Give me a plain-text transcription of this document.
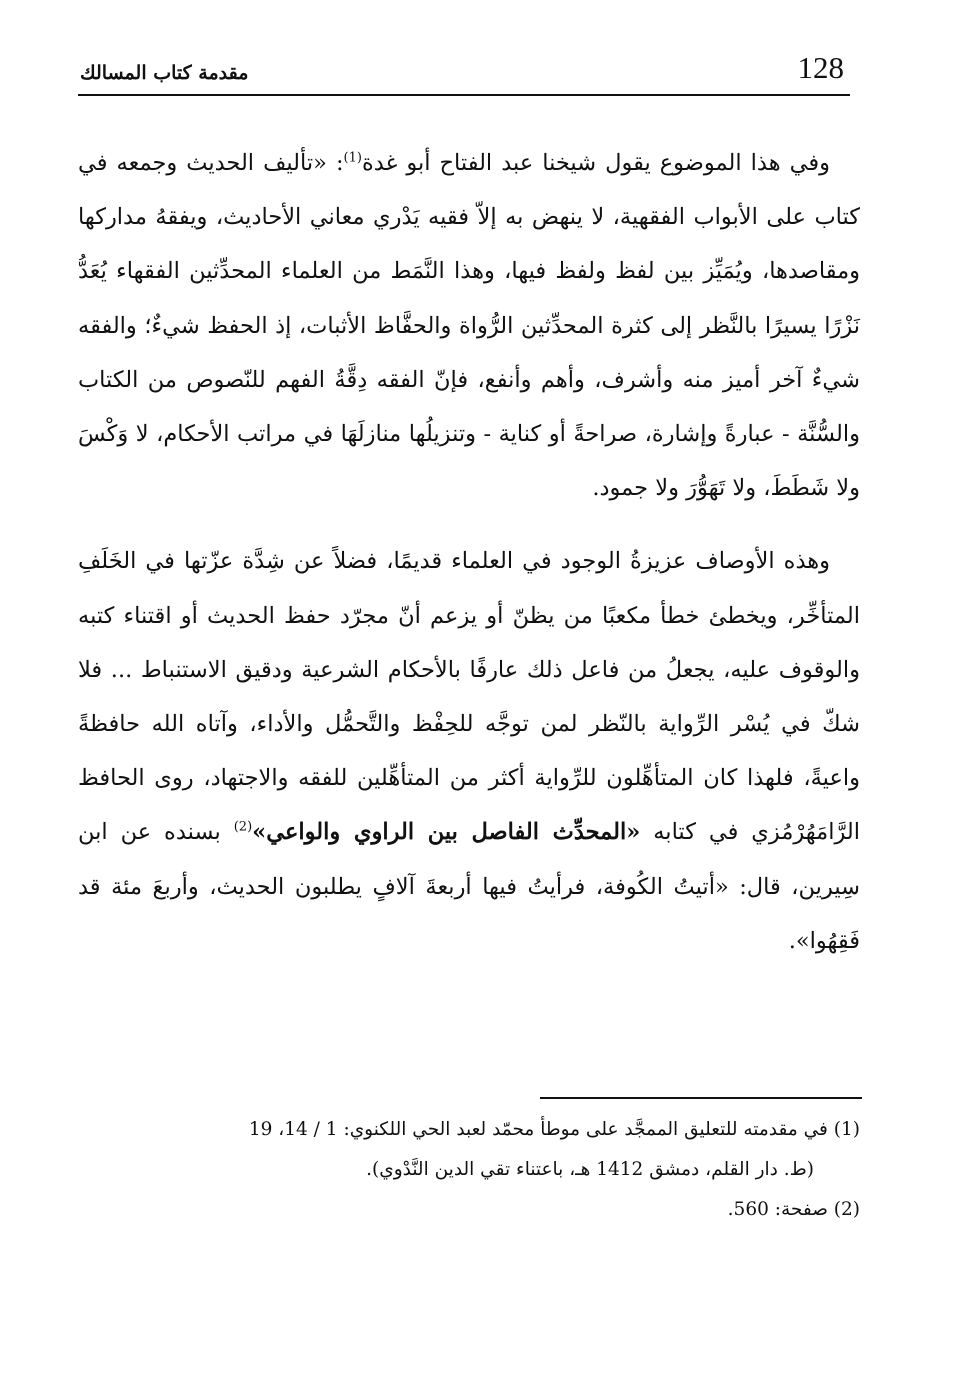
128
مقدمة كتاب المسالك

وفي هذا الموضوع يقول شيخنا عبد الفتاح أبو غدة$^{(1)}$: «تأليف الحديث وجمعه في كتاب على الأبواب الفقهية، لا ينهض به إلاّ فقيه يَدْري معاني الأحاديث، ويفقهُ مداركها ومقاصدها، ويُمَيِّز بين لفظ ولفظ فيها، وهذا النَّمَط من العلماء المحدِّثين الفقهاء يُعَدُّ نَزْرًا يسيرًا بالنَّظر إلى كثرة المحدِّثين الرُّواة والحفَّاظ الأثبات، إذ الحفظ شيءٌ؛ والفقه شيءٌ آخر أميز منه وأشرف، وأهم وأنفع، فإنّ الفقه دِقَّةُ الفهم للنّصوص من الكتاب والسُّنَّة - عبارةً وإشارة، صراحةً أو كناية - وتنزيلُها منازلَهَا في مراتب الأحكام، لا وَكْسَ ولا شَطَطَ، ولا تَهَوُّرَ ولا جمود.

وهذه الأوصاف عزيزةُ الوجود في العلماء قديمًا، فضلاً عن شِدَّة عزّتها في الخَلَفِ المتأخِّر، ويخطئ خطأ مكعبًا من يظنّ أو يزعم أنّ مجرّد حفظ الحديث أو اقتناء كتبه والوقوف عليه، يجعلُ من فاعل ذلك عارفًا بالأحكام الشرعية ودقيق الاستنباط ... فلا شكّ في يُسْر الرِّواية بالنّظر لمن توجَّه للحِفْظ والتَّحمُّل والأداء، وآتاه الله حافظةً واعيةً، فلهذا كان المتأهِّلون للرِّواية أكثر من المتأهِّلين للفقه والاجتهاد، روى الحافظ الرَّامَهُرْمُزي في كتابه «المحدِّث الفاصل بين الراوي والواعي»$^{(2)}$ بسنده عن ابن سِيرين، قال: «أتيتُ الكُوفة، فرأيتُ فيها أربعةَ آلافٍ يطلبون الحديث، وأربعَ مئة قد فَقِهُوا».

(1) في مقدمته للتعليق الممجَّد على موطأ محمّد لعبد الحي اللكنوي: 1 / 14، 19

(ط. دار القلم، دمشق 1412 هـ، باعتناء تقي الدين النَّدْوي).

(2) صفحة: 560.
